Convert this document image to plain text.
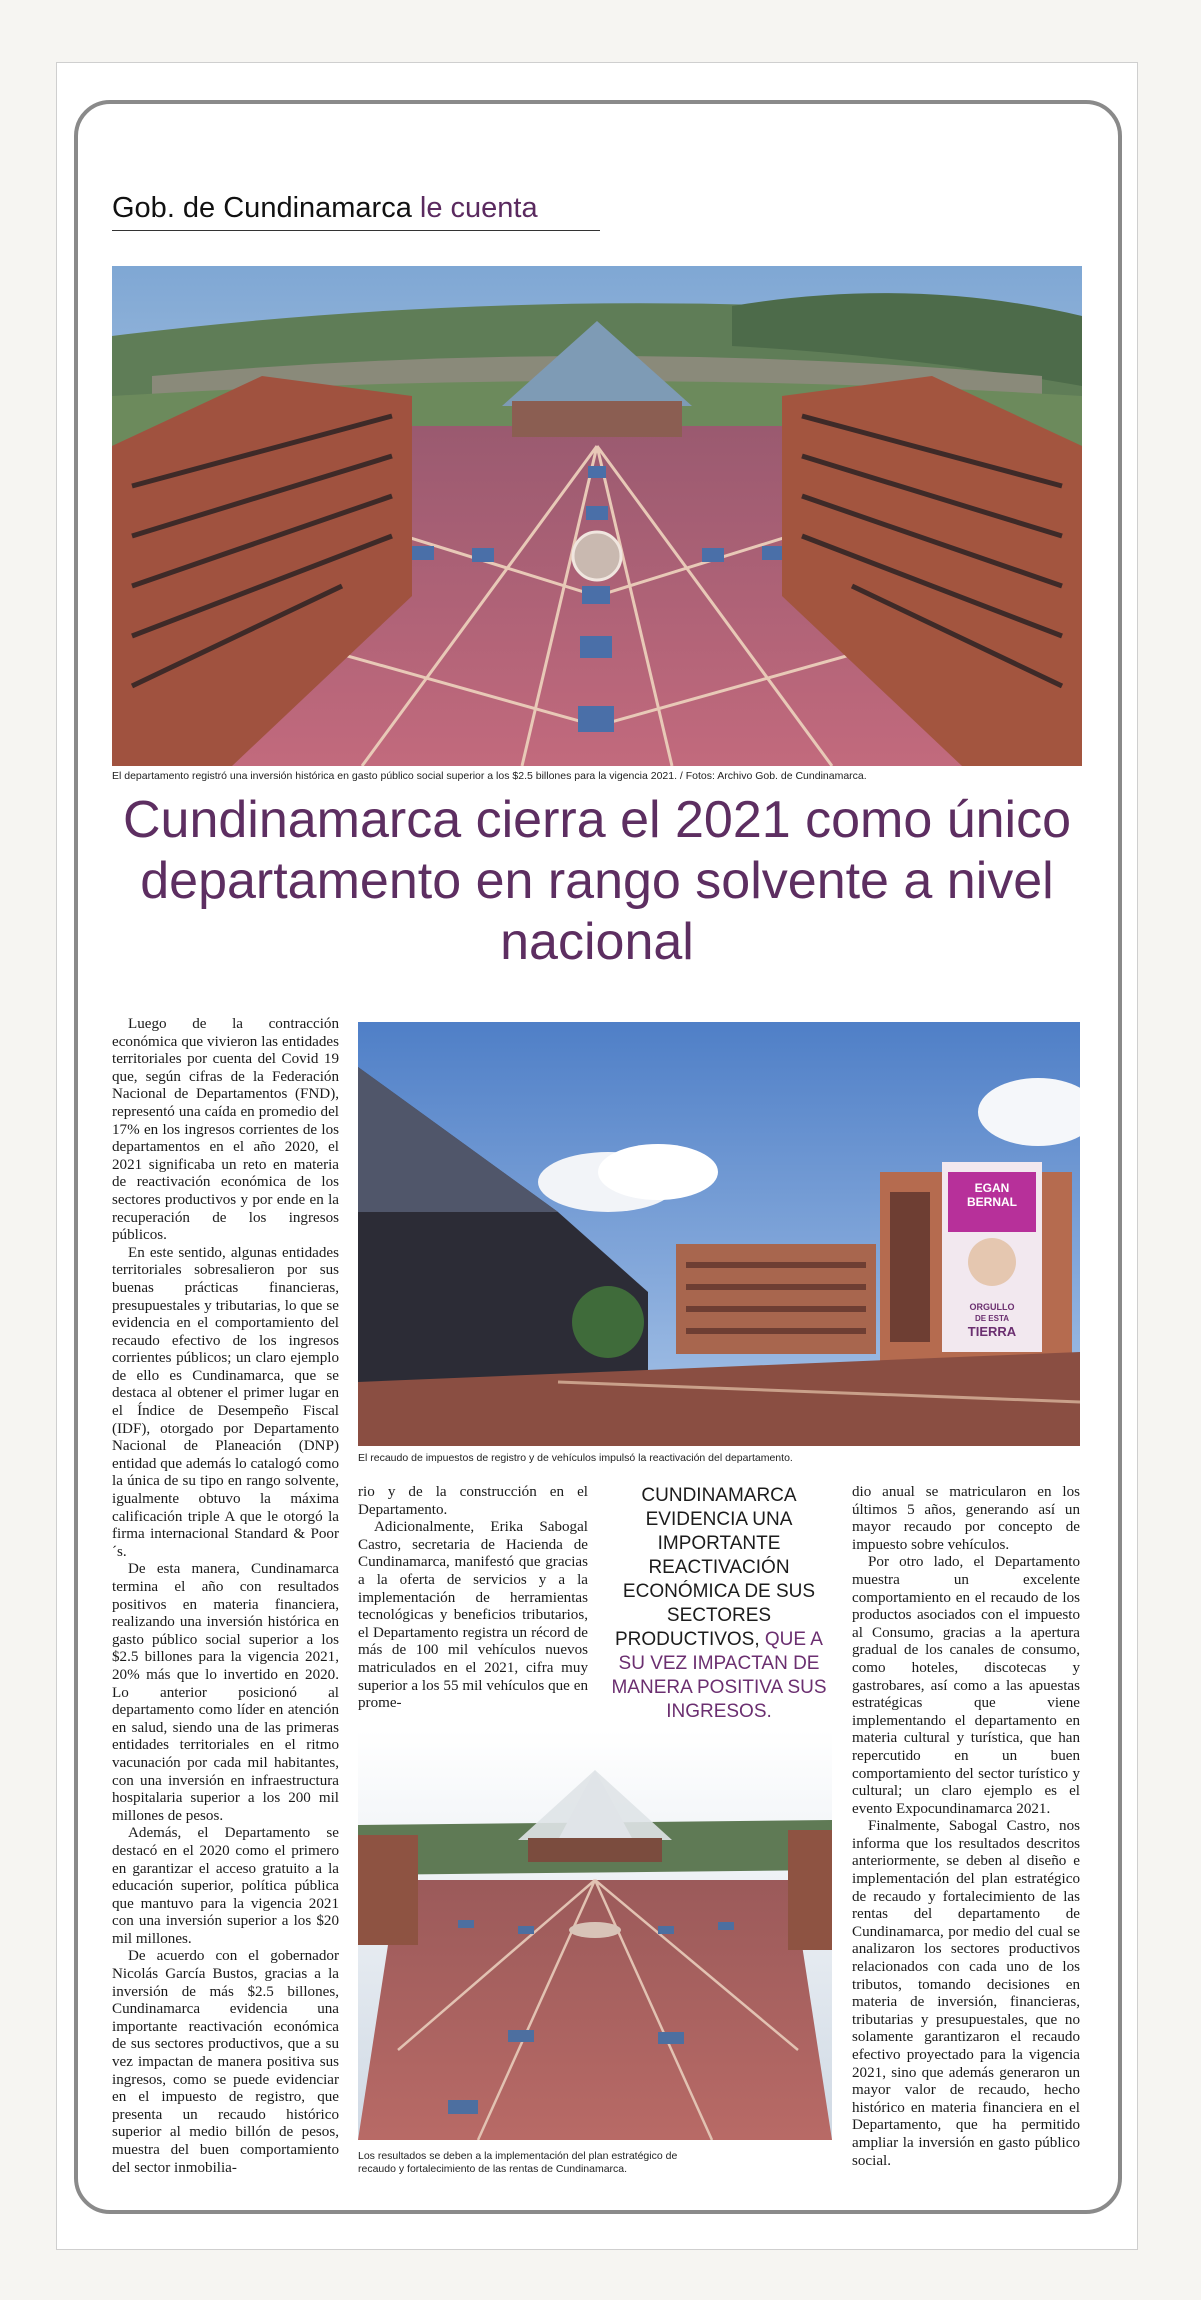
Gob. de Cundinamarca le cuenta
El departamento registró una inversión histórica en gasto público social superior a los $2.5 billones para la vigencia 2021. / Fotos: Archivo Gob. de Cundinamarca.
Cundinamarca cierra el 2021 como único departamento en rango solvente a nivel nacional

Luego de la contracción económica que vivieron las entidades territoriales por cuenta del Covid 19 que, según cifras de la Federación Nacional de Departamentos (FND), representó una caída en promedio del 17% en los ingresos corrientes de los departamentos en el año 2020, el 2021 significaba un reto en materia de reactivación económica de los sectores productivos y por ende en la recuperación de los ingresos públicos.

En este sentido, algunas entidades territoriales sobresalieron por sus buenas prácticas financieras, presupuestales y tributarias, lo que se evidencia en el comportamiento del recaudo efectivo de los ingresos corrientes públicos; un claro ejemplo de ello es Cundinamarca, que se destaca al obtener el primer lugar en el Índice de Desempeño Fiscal (IDF), otorgado por Departamento Nacional de Planeación (DNP) entidad que además lo catalogó como la única de su tipo en rango solvente, igualmente obtuvo la máxima calificación triple A que le otorgó la firma internacional Standard & Poor´s.

De esta manera, Cundinamarca termina el año con resultados positivos en materia financiera, realizando una inversión histórica en gasto público social superior a los $2.5 billones para la vigencia 2021, 20% más que lo invertido en 2020. Lo anterior posicionó al departamento como líder en atención en salud, siendo una de las primeras entidades territoriales en el ritmo vacunación por cada mil habitantes, con una inversión en infraestructura hospitalaria superior a los 200 mil millones de pesos.

Además, el Departamento se destacó en el 2020 como el primero en garantizar el acceso gratuito a la educación superior, política pública que mantuvo para la vigencia 2021 con una inversión superior a los $20 mil millones.

De acuerdo con el gobernador Nicolás García Bustos, gracias a la inversión de más $2.5 billones, Cundinamarca evidencia una importante reactivación económica de sus sectores productivos, que a su vez impactan de manera positiva sus ingresos, como se puede evidenciar en el impuesto de registro, que presenta un recaudo histórico superior al medio billón de pesos, muestra del buen comportamiento del sector inmobilia-

EGAN
BERNAL
ORGULLO
DE ESTA
TIERRA
El recaudo de impuestos de registro y de vehículos impulsó la reactivación del departamento.

rio y de la construcción en el Departamento.

Adicionalmente, Erika Sabogal Castro, secretaria de Hacienda de Cundinamarca, manifestó que gracias a la oferta de servicios y a la implementación de herramientas tecnológicas y beneficios tributarios, el Departamento registra un récord de más de 100 mil vehículos nuevos matriculados en el 2021, cifra muy superior a los 55 mil vehículos que en prome-

CUNDINAMARCA EVIDENCIA UNA IMPORTANTE REACTIVACIÓN ECONÓMICA DE SUS SECTORES PRODUCTIVOS, QUE A SU VEZ IMPACTAN DE MANERA POSITIVA SUS INGRESOS.

dio anual se matricularon en los últimos 5 años, generando así un mayor recaudo por concepto de impuesto sobre vehículos.

Por otro lado, el Departamento muestra un excelente comportamiento en el recaudo de los productos asociados con el impuesto al Consumo, gracias a la apertura gradual de los canales de consumo, como hoteles, discotecas y gastrobares, así como a las apuestas estratégicas que viene implementando el departamento en materia cultural y turística, que han repercutido en un buen comportamiento del sector turístico y cultural; un claro ejemplo es el evento Expocundinamarca 2021.

Finalmente, Sabogal Castro, nos informa que los resultados descritos anteriormente, se deben al diseño e implementación del plan estratégico de recaudo y fortalecimiento de las rentas del departamento de Cundinamarca, por medio del cual se analizaron los sectores productivos relacionados con cada uno de los tributos, tomando decisiones en materia de inversión, financieras, tributarias y presupuestales, que no solamente garantizaron el recaudo efectivo proyectado para la vigencia 2021, sino que además generaron un mayor valor de recaudo, hecho histórico en materia financiera en el Departamento, que ha permitido ampliar la inversión en gasto público social.

Los resultados se deben a la implementación del plan estratégico de recaudo y fortalecimiento de las rentas de Cundinamarca.
